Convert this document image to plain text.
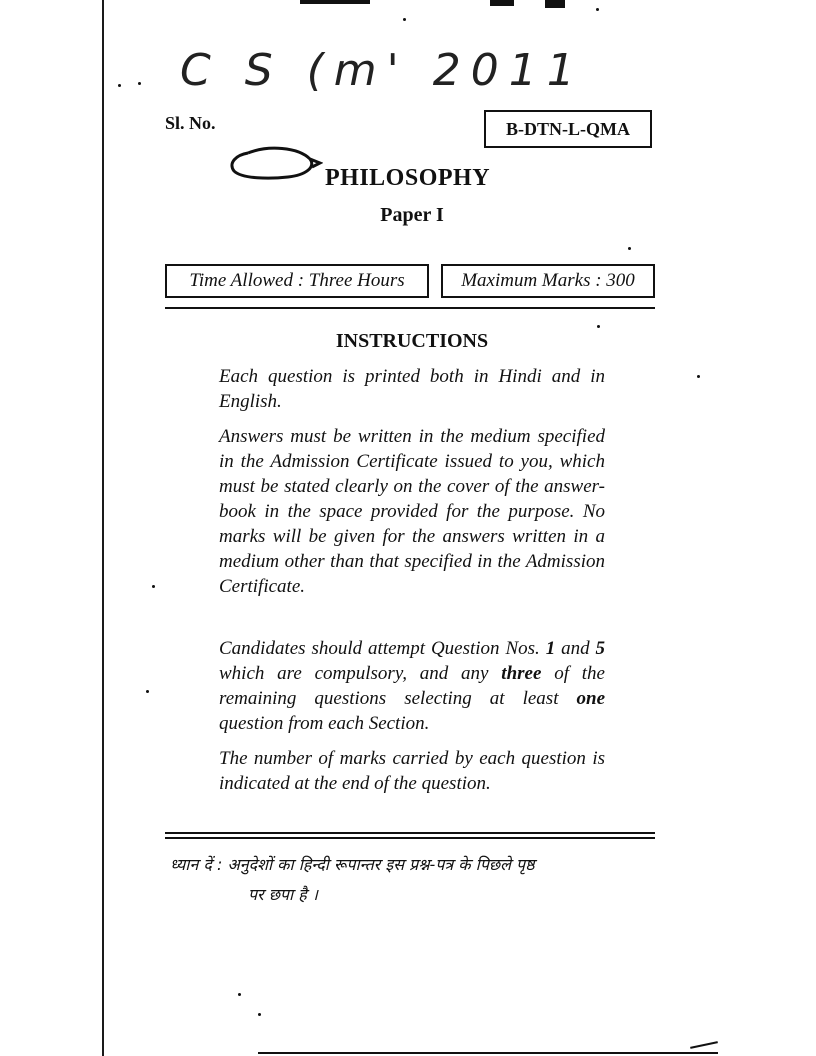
C S (m' 2011
Sl. No.	B-DTN-L-QMA
PHILOSOPHY
Paper I
Time Allowed : Three Hours	Maximum Marks : 300
INSTRUCTIONS

Each question is printed both in Hindi and in English.

Answers must be written in the medium specified in the Admission Certificate issued to you, which must be stated clearly on the cover of the answer-book in the space provided for the purpose. No marks will be given for the answers written in a medium other than that specified in the Admission Certificate.

Candidates should attempt Question Nos. 1 and 5 which are compulsory, and any three of the remaining questions selecting at least one question from each Section.

The number of marks carried by each question is indicated at the end of the question.

ध्यान दें : अनुदेशों का हिन्दी रूपान्तर इस प्रश्न-पत्र के पिछले पृष्ठ
पर छपा है ।
